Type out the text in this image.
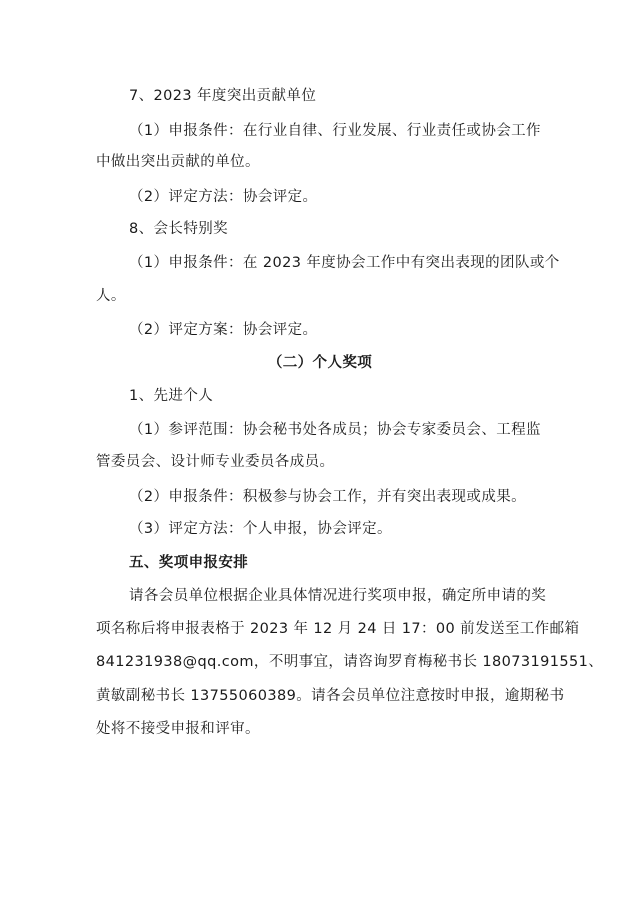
7、2023 年度突出贡献单位
（1）申报条件：在行业自律、行业发展、行业责任或协会工作
中做出突出贡献的单位。
（2）评定方法：协会评定。
8、会长特别奖
（1）申报条件：在 2023 年度协会工作中有突出表现的团队或个
人。
（2）评定方案：协会评定。
（二）个人奖项
1、先进个人
（1）参评范围：协会秘书处各成员；协会专家委员会、工程监
管委员会、设计师专业委员各成员。
（2）申报条件：积极参与协会工作，并有突出表现或成果。
（3）评定方法：个人申报，协会评定。
五、奖项申报安排
请各会员单位根据企业具体情况进行奖项申报，确定所申请的奖
项名称后将申报表格于 2023 年 12 月 24 日 17：00 前发送至工作邮箱
841231938@qq.com，不明事宜，请咨询罗育梅秘书长 18073191551、
黄敏副秘书长 13755060389。请各会员单位注意按时申报，逾期秘书
处将不接受申报和评审。
